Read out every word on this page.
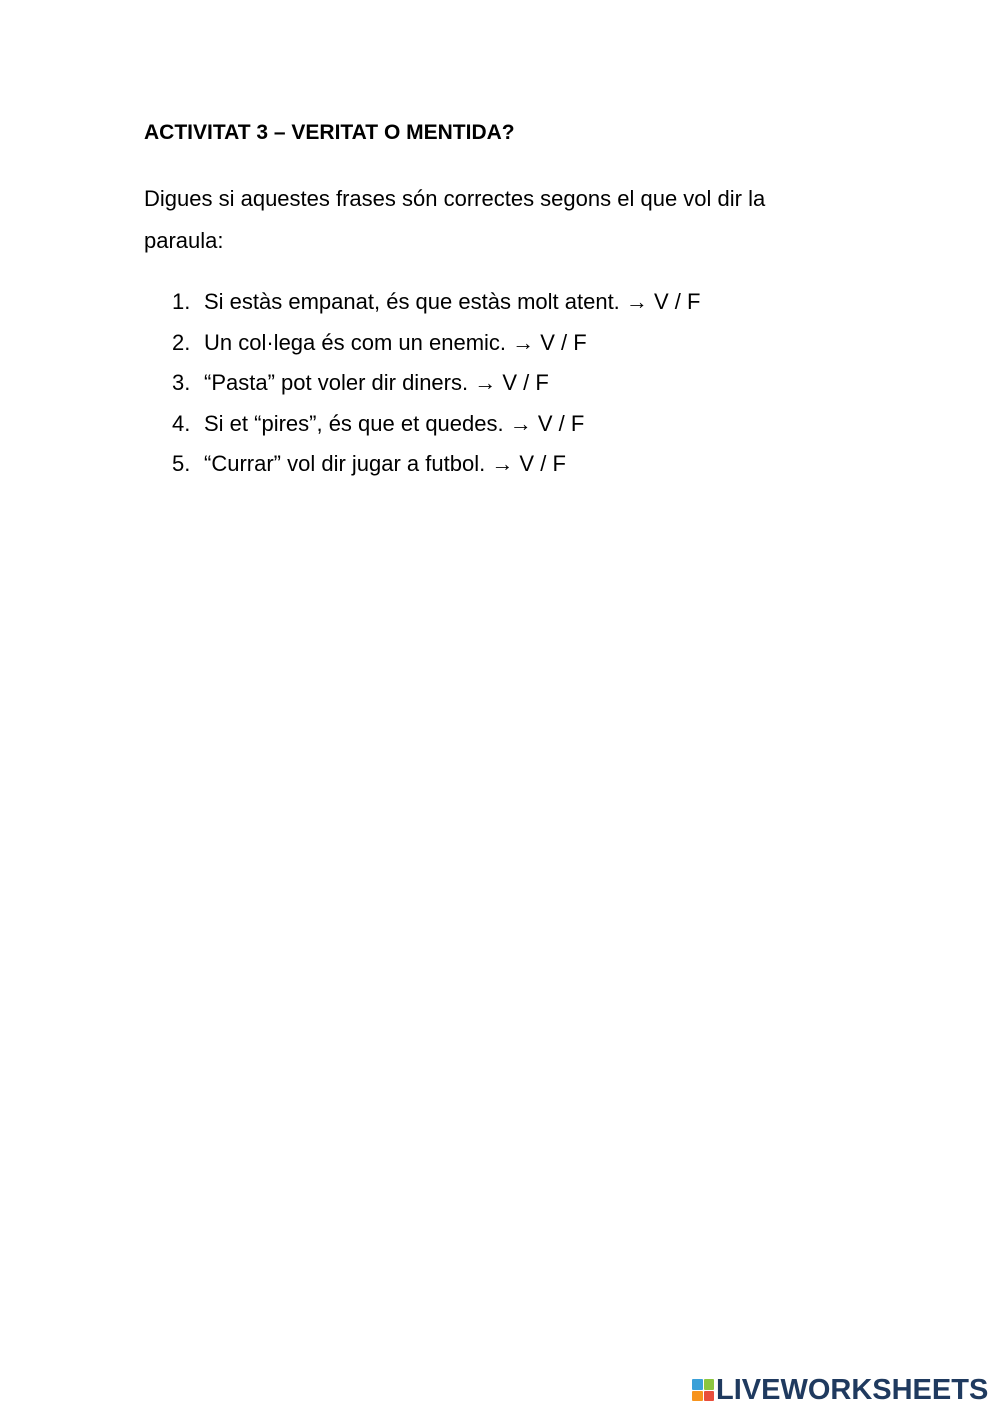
ACTIVITAT 3 – VERITAT O MENTIDA?

Digues si aquestes frases són correctes segons el que vol dir la paraula:

1. Si estàs empanat, és que estàs molt atent. → V / F
2. Un col·lega és com un enemic. → V / F
3. “Pasta” pot voler dir diners. → V / F
4. Si et “pires”, és que et quedes. → V / F
5. “Currar” vol dir jugar a futbol. → V / F
LIVEWORKSHEETS
